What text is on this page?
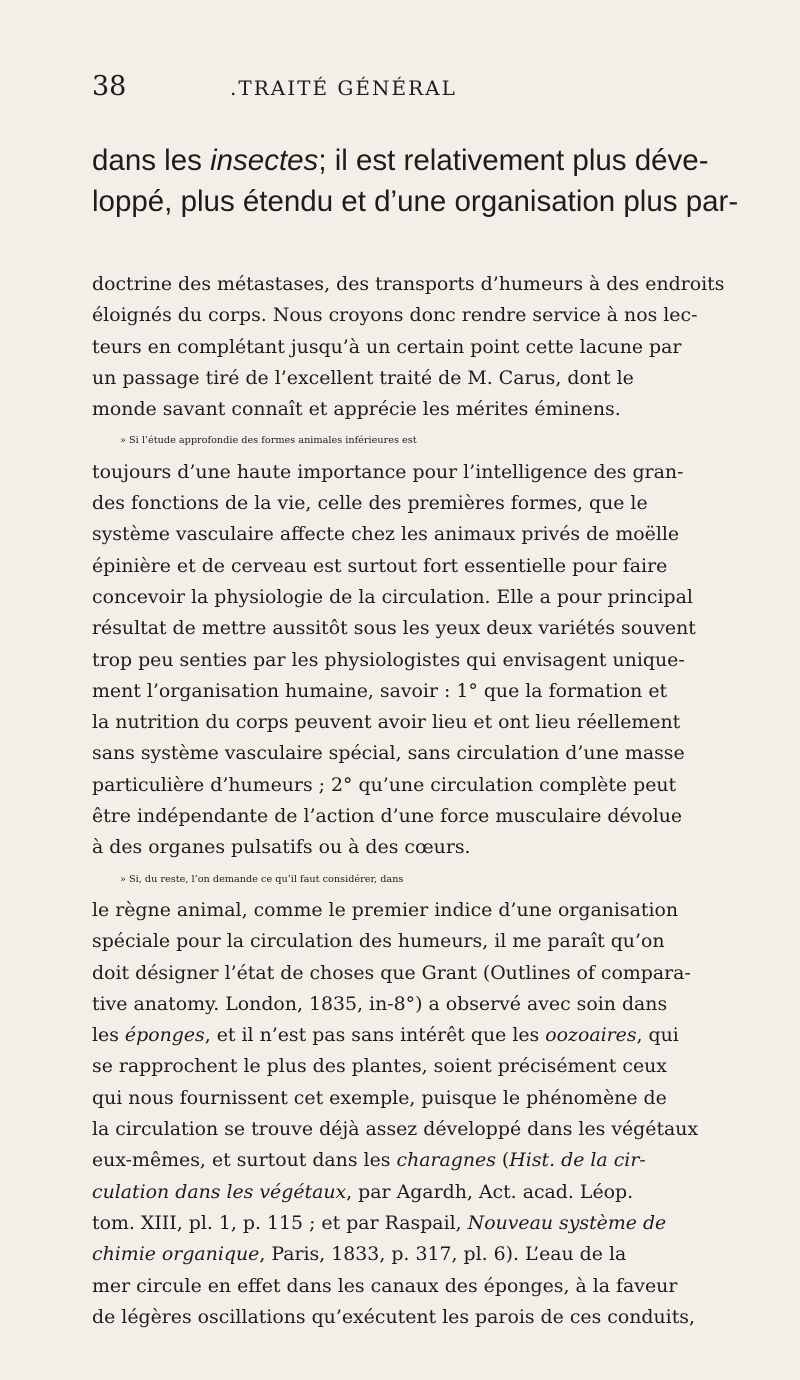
38	.TRAITÉ GÉNÉRAL
dans les insectes; il est relativement plus déve-
loppé, plus étendu et d’une organisation plus par-
doctrine des métastases, des transports d’humeurs à des endroits
éloignés du corps. Nous croyons donc rendre service à nos lec-
teurs en complétant jusqu’à un certain point cette lacune par
un passage tiré de l’excellent traité de M. Carus, dont le
monde savant connaît et apprécie les mérites éminens.
» Si l’étude approfondie des formes animales inférieures est
toujours d’une haute importance pour l’intelligence des gran-
des fonctions de la vie, celle des premières formes, que le
système vasculaire affecte chez les animaux privés de moëlle
épinière et de cerveau est surtout fort essentielle pour faire
concevoir la physiologie de la circulation. Elle a pour principal
résultat de mettre aussitôt sous les yeux deux variétés souvent
trop peu senties par les physiologistes qui envisagent unique-
ment l’organisation humaine, savoir : 1° que la formation et
la nutrition du corps peuvent avoir lieu et ont lieu réellement
sans système vasculaire spécial, sans circulation d’une masse
particulière d’humeurs ; 2° qu’une circulation complète peut
être indépendante de l’action d’une force musculaire dévolue
à des organes pulsatifs ou à des cœurs.
» Si, du reste, l’on demande ce qu’il faut considérer, dans
le règne animal, comme le premier indice d’une organisation
spéciale pour la circulation des humeurs, il me paraît qu’on
doit désigner l’état de choses que Grant (Outlines of compara-
tive anatomy. London, 1835, in-8°) a observé avec soin dans
les éponges, et il n’est pas sans intérêt que les oozoaires, qui
se rapprochent le plus des plantes, soient précisément ceux
qui nous fournissent cet exemple, puisque le phénomène de
la circulation se trouve déjà assez développé dans les végétaux
eux-mêmes, et surtout dans les charagnes (Hist. de la cir-
culation dans les végétaux, par Agardh, Act. acad. Léop.
tom. XIII, pl. 1, p. 115 ; et par Raspail, Nouveau système de
chimie organique, Paris, 1833, p. 317, pl. 6). L’eau de la
mer circule en effet dans les canaux des éponges, à la faveur
de légères oscillations qu’exécutent les parois de ces conduits,
